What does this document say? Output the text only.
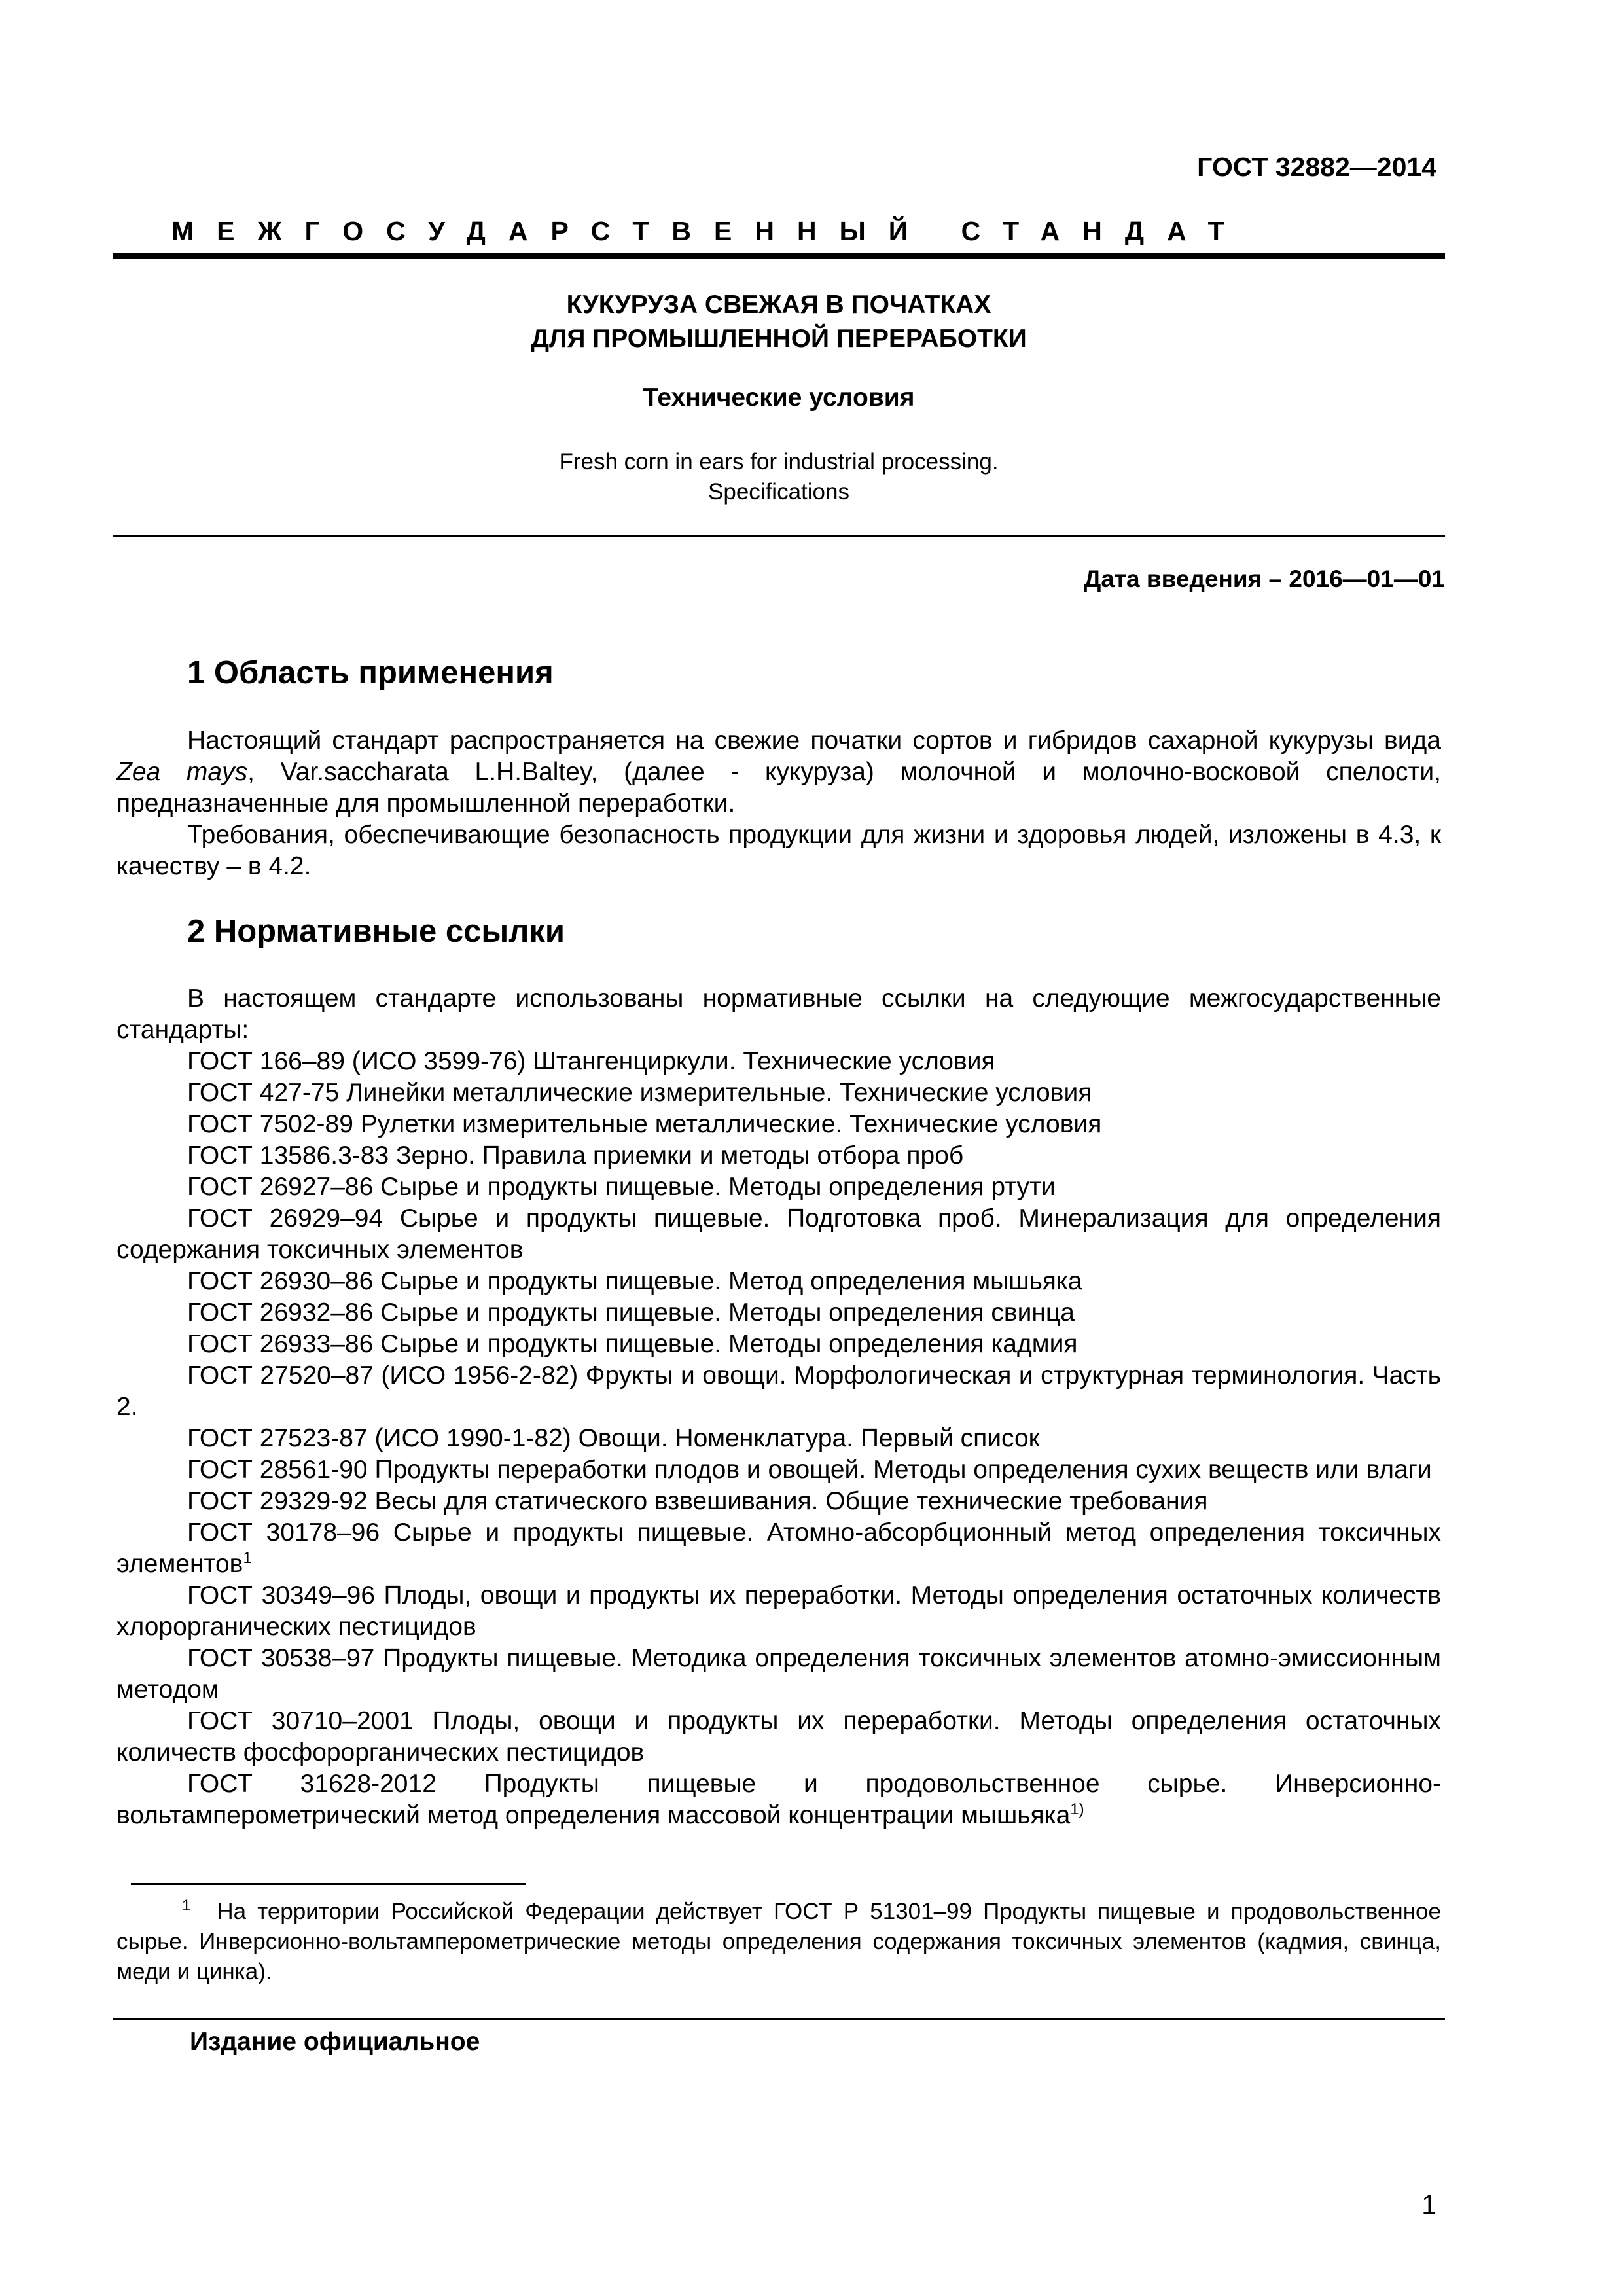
ГОСТ 32882—2014
МЕЖГОСУДАРСТВЕННЫЙ СТАНДАТ
КУКУРУЗА СВЕЖАЯ В ПОЧАТКАХ
ДЛЯ ПРОМЫШЛЕННОЙ ПЕРЕРАБОТКИ
Технические условия
Fresh corn in ears for industrial processing.
Specifications
Дата введения – 2016—01—01
1 Область применения

Настоящий стандарт распространяется на свежие початки сортов и гибридов сахарной кукурузы вида Zea mays, Var.saccharata L.H.Baltey, (далее - кукуруза) молочной и молочно-восковой спелости, предназначенные для промышленной переработки.

Требования, обеспечивающие безопасность продукции для жизни и здоровья людей, изложены в 4.3, к качеству – в 4.2.

2 Нормативные ссылки

В настоящем стандарте использованы нормативные ссылки на следующие межгосударственные стандарты:

ГОСТ 166–89 (ИСО 3599-76) Штангенциркули. Технические условия

ГОСТ 427-75 Линейки металлические измерительные. Технические условия

ГОСТ 7502-89 Рулетки измерительные металлические. Технические условия

ГОСТ 13586.3-83 Зерно. Правила приемки и методы отбора проб

ГОСТ 26927–86 Сырье и продукты пищевые. Методы определения ртути

ГОСТ 26929–94 Сырье и продукты пищевые. Подготовка проб. Минерализация для определения содержания токсичных элементов

ГОСТ 26930–86 Сырье и продукты пищевые. Метод определения мышьяка

ГОСТ 26932–86 Сырье и продукты пищевые. Методы определения свинца

ГОСТ 26933–86 Сырье и продукты пищевые. Методы определения кадмия

ГОСТ 27520–87 (ИСО 1956-2-82) Фрукты и овощи. Морфологическая и структурная терминология. Часть 2.

ГОСТ 27523-87 (ИСО 1990-1-82) Овощи. Номенклатура. Первый список

ГОСТ 28561-90 Продукты переработки плодов и овощей. Методы определения сухих веществ или влаги

ГОСТ 29329-92 Весы для статического взвешивания. Общие технические требования

ГОСТ 30178–96 Сырье и продукты пищевые. Атомно-абсорбционный метод определения токсичных элементов$^1$

ГОСТ 30349–96 Плоды, овощи и продукты их переработки. Методы определения остаточных количеств хлорорганических пестицидов

ГОСТ 30538–97 Продукты пищевые. Методика определения токсичных элементов атомно-эмиссионным методом

ГОСТ 30710–2001 Плоды, овощи и продукты их переработки. Методы определения остаточных количеств фосфорорганических пестицидов

ГОСТ 31628-2012 Продукты пищевые и продовольственное сырье. Инверсионно-вольтамперометрический метод определения массовой концентрации мышьяка$^{1)}$

$^1$ На территории Российской Федерации действует ГОСТ Р 51301–99 Продукты пищевые и продовольственное сырье. Инверсионно-вольтамперометрические методы определения содержания токсичных элементов (кадмия, свинца, меди и цинка).

Издание официальное
1
